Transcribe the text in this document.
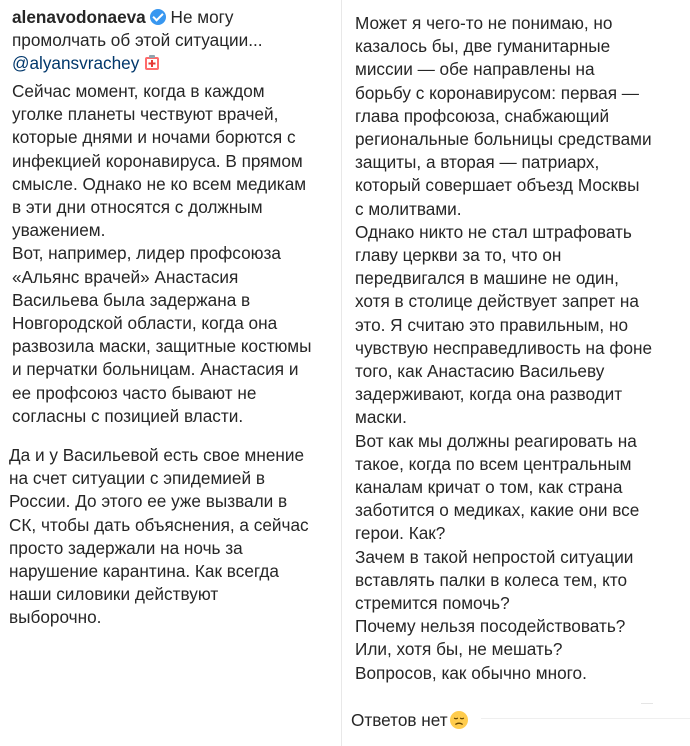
alenavodonaeva Не могу
промолчать об этой ситуации...
@alyansvrachey
Сейчас момент, когда в каждом
уголке планеты чествуют врачей,
которые днями и ночами борются с
инфекцией коронавируса. В прямом
смысле. Однако не ко всем медикам
в эти дни относятся с должным
уважением.
Вот, например, лидер профсоюза
«Альянс врачей» Анастасия
Васильева была задержана в
Новгородской области, когда она
развозила маски, защитные костюмы
и перчатки больницам. Анастасия и
ее профсоюз часто бывают не
согласны с позицией власти.
Да и у Васильевой есть свое мнение
на счет ситуации с эпидемией в
России. До этого ее уже вызвали в
СК, чтобы дать объяснения, а сейчас
просто задержали на ночь за
нарушение карантина. Как всегда
наши силовики действуют
выборочно.
Может я чего-то не понимаю, но
казалось бы, две гуманитарные
миссии — обе направлены на
борьбу с коронавирусом: первая —
глава профсоюза, снабжающий
региональные больницы средствами
защиты, а вторая — патриарх,
который совершает объезд Москвы
с молитвами.
Однако никто не стал штрафовать
главу церкви за то, что он
передвигался в машине не один,
хотя в столице действует запрет на
это. Я считаю это правильным, но
чувствую несправедливость на фоне
того, как Анастасию Васильеву
задерживают, когда она разводит
маски.
Вот как мы должны реагировать на
такое, когда по всем центральным
каналам кричат о том, как страна
заботится о медиках, какие они все
герои. Как?
Зачем в такой непростой ситуации
вставлять палки в колеса тем, кто
стремится помочь?
Почему нельзя посодействовать?
Или, хотя бы, не мешать?
Вопросов, как обычно много.
Ответов нет
